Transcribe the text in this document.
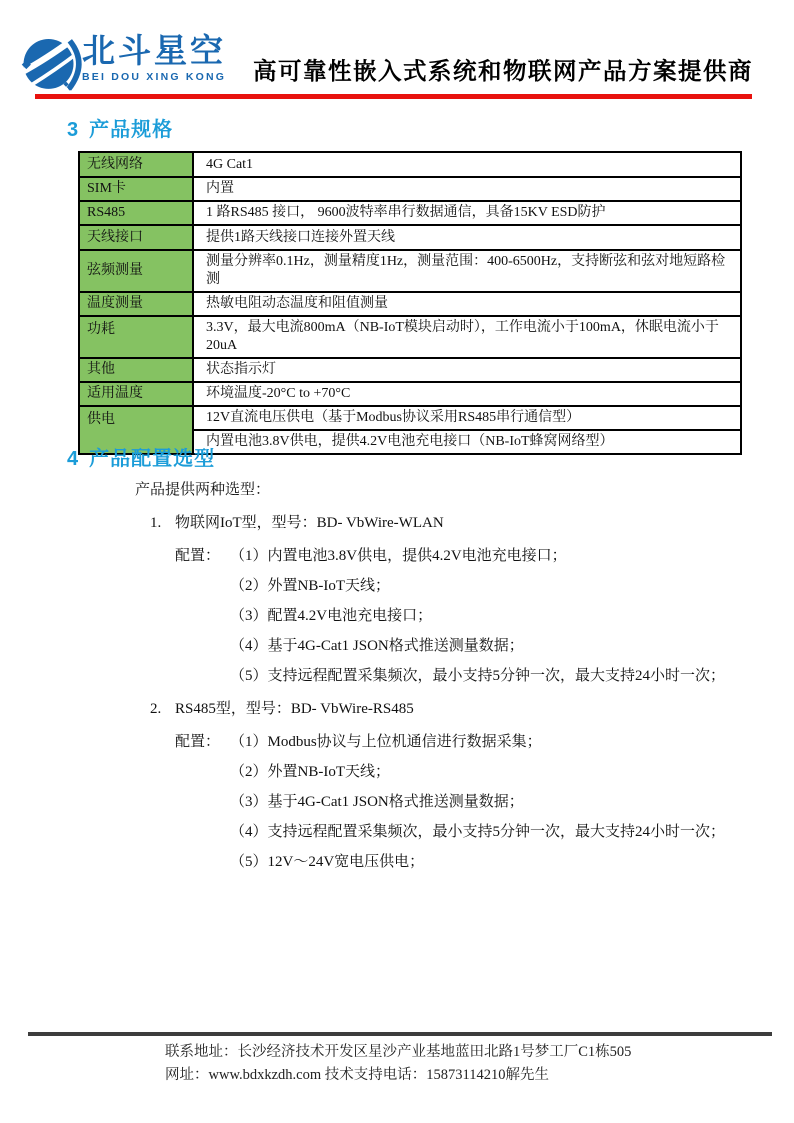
北斗星空
BEI DOU XING KONG 高可靠性嵌入式系统和物联网产品方案提供商
3 产品规格
无线网络	4G Cat1
SIM卡	内置
RS485	1 路RS485 接口， 9600波特率串行数据通信，具备15KV ESD防护
天线接口	提供1路天线接口连接外置天线
弦频测量	测量分辨率0.1Hz，测量精度1Hz，测量范围：400-6500Hz，支持断弦和弦对地短路检测
温度测量	热敏电阻动态温度和阻值测量
功耗	3.3V，最大电流800mA（NB-IoT模块启动时），工作电流小于100mA，休眠电流小于20uA
其他	状态指示灯
适用温度	环境温度-20°C to +70°C
供电	12V直流电压供电（基于Modbus协议采用RS485串行通信型）
	内置电池3.8V供电，提供4.2V电池充电接口（NB-IoT蜂窝网络型）
4 产品配置选型
产品提供两种选型：
1. 物联网IoT型，型号：BD- VbWire-WLAN
配置： （1）内置电池3.8V供电，提供4.2V电池充电接口；
（2）外置NB-IoT天线；
（3）配置4.2V电池充电接口；
（4）基于4G-Cat1 JSON格式推送测量数据；
（5）支持远程配置采集频次，最小支持5分钟一次，最大支持24小时一次；
2. RS485型，型号：BD- VbWire-RS485
配置： （1）Modbus协议与上位机通信进行数据采集；
（2）外置NB-IoT天线；
（3）基于4G-Cat1 JSON格式推送测量数据；
（4）支持远程配置采集频次，最小支持5分钟一次，最大支持24小时一次；
（5）12V～24V宽电压供电；
联系地址：长沙经济技术开发区星沙产业基地蓝田北路1号梦工厂C1栋505
网址：www.bdxkzdh.com 技术支持电话：15873114210解先生
